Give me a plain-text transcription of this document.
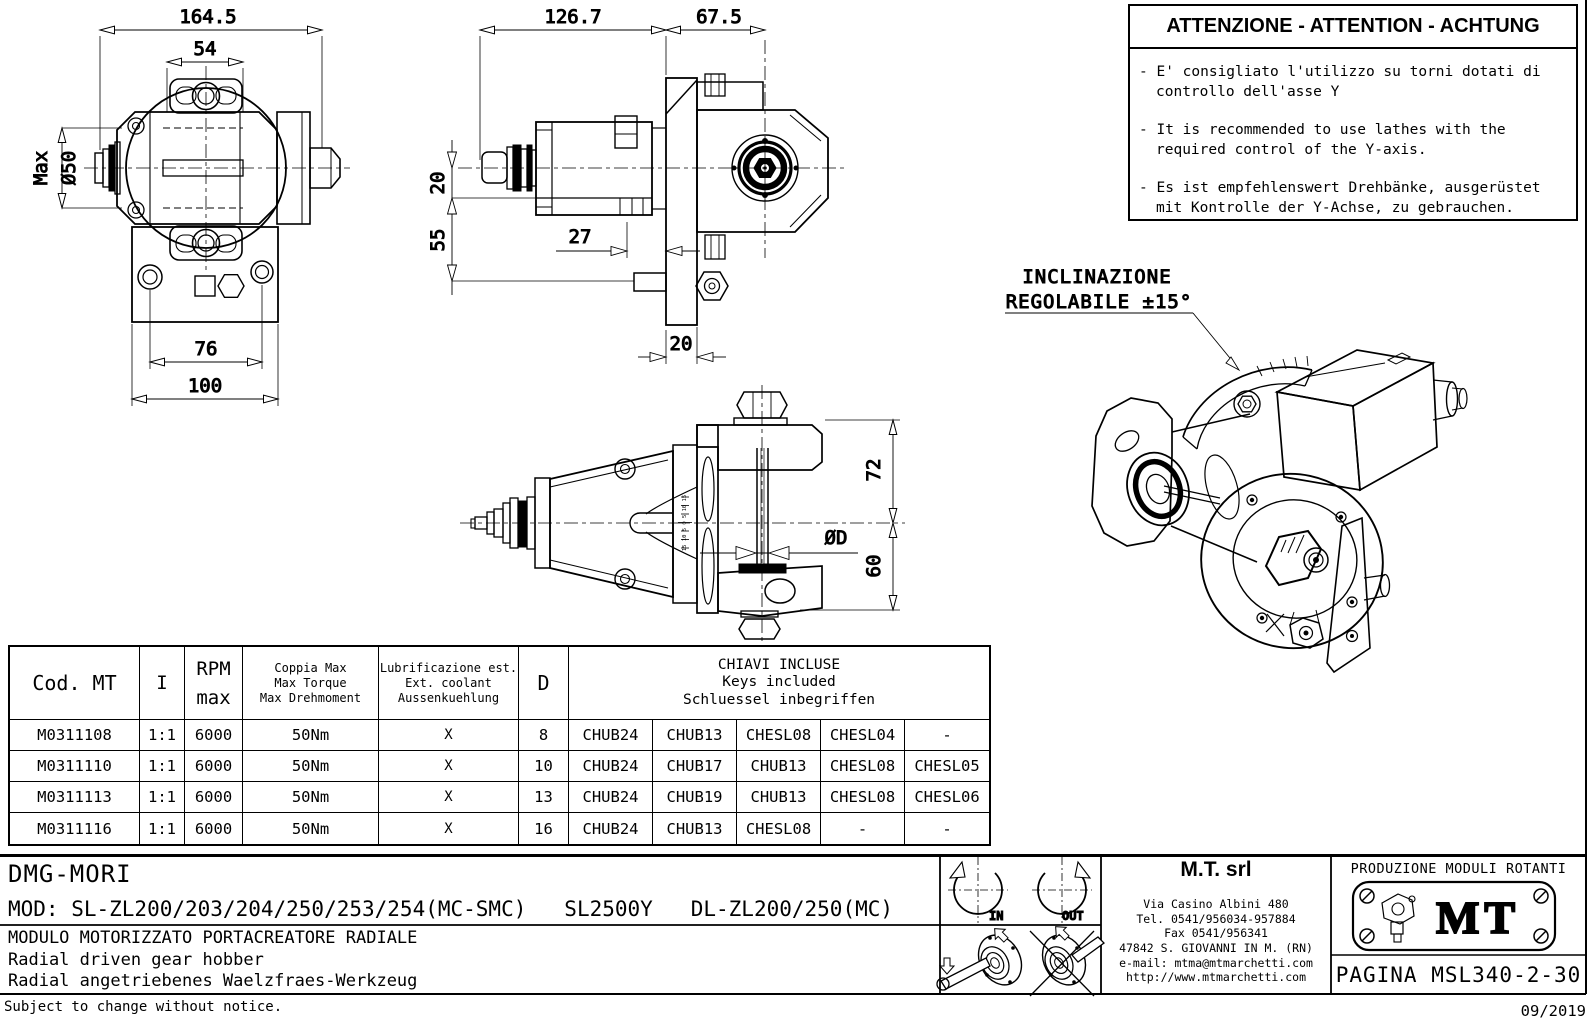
164.5
54
Ø50
Max
76
100
126.7	67.5
20
55	27
20
15 10 5 0 5 10 15
72
60
ØD
INCLINAZIONE
REGOLABILE ±15°
IN	OUT	MT
ATTENZIONE - ATTENTION - ACHTUNG
- E' consigliato l'utilizzo su torni dotati di
controllo dell'asse Y
- It is recommended to use lathes with the
required control of the Y-axis.
- Es ist empfehlenswert Drehbänke, ausgerüstet
mit Kontrolle der Y-Achse, zu gebrauchen.
Cod. MT	I
RPM
max
Coppia Max
Max Torque
Max Drehmoment
Lubrificazione est.
Ext. coolant
Aussenkuehlung
D
CHIAVI INCLUSE
Keys included
Schluessel inbegriffen
M0311108	1:1	6000	50Nm	X	8	CHUB24	CHUB13	CHESL08	CHESL04	-
M0311110	1:1	6000	50Nm	X	10	CHUB24	CHUB17	CHUB13	CHESL08	CHESL05
M0311113	1:1	6000	50Nm	X	13	CHUB24	CHUB19	CHUB13	CHESL08	CHESL06
M0311116	1:1	6000	50Nm	X	16	CHUB24	CHUB13	CHESL08	-	-
DMG-MORI
MOD: SL-ZL200/203/204/250/253/254(MC-SMC)   SL2500Y   DL-ZL200/250(MC)
MODULO MOTORIZZATO PORTACREATORE RADIALE
Radial driven gear hobber
Radial angetriebenes Waelzfraes-Werkzeug
Subject to change without notice.	09/2019
M.T. srl
Via Casino Albini 480
Tel. 0541/956034-957884
Fax 0541/956341
47842 S. GIOVANNI IN M. (RN)
e-mail: mtma@mtmarchetti.com
http://www.mtmarchetti.com
PRODUZIONE MODULI ROTANTI
PAGINA MSL340-2-30
